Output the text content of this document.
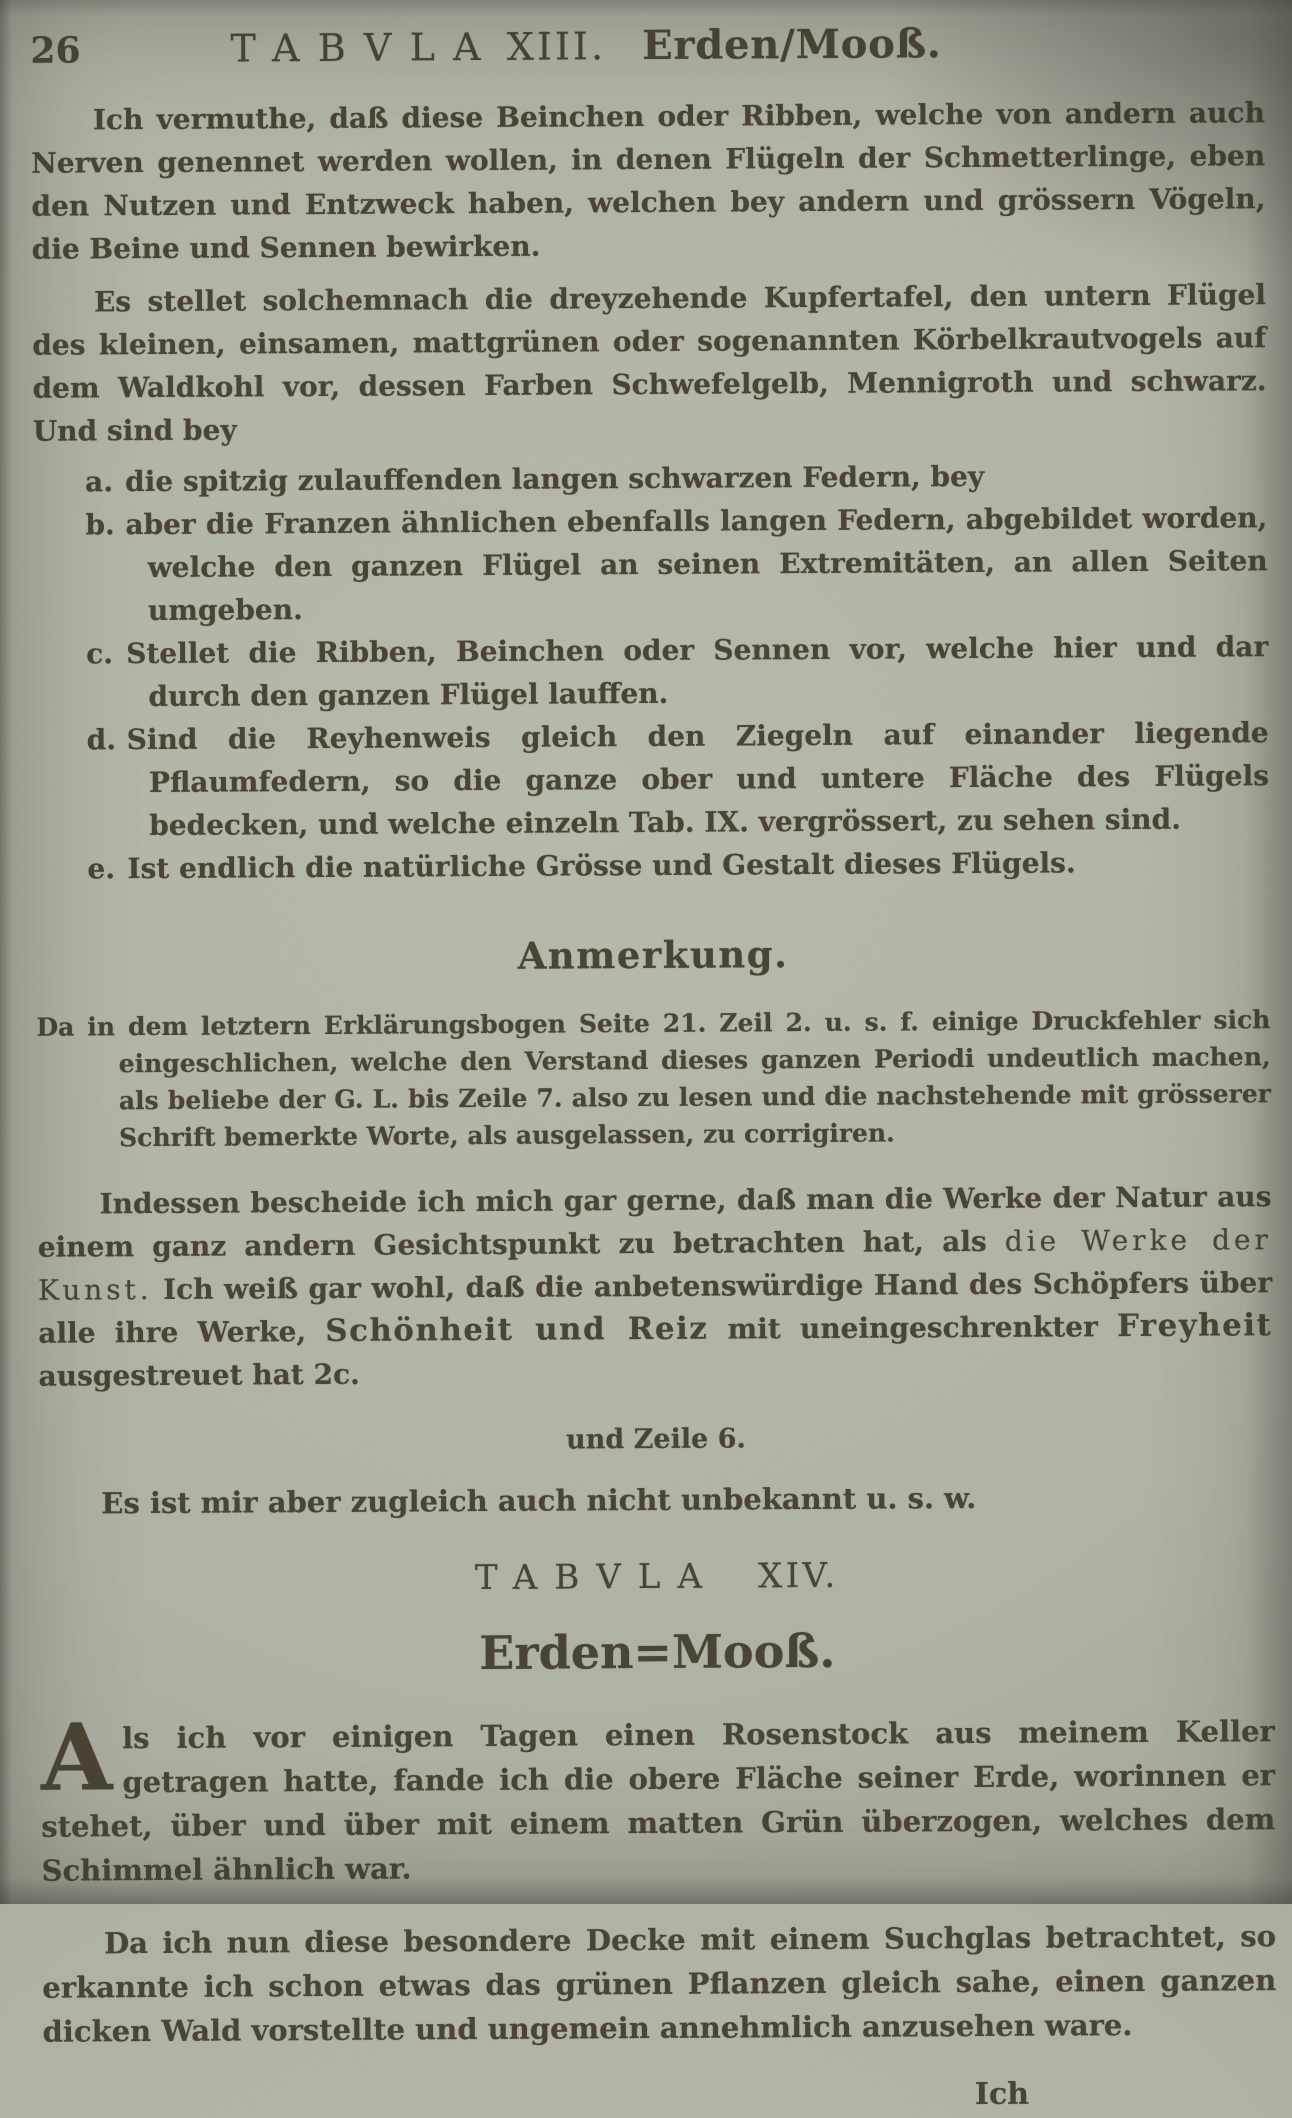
26	TABVLA XIII. Erden/Mooß.

Ich vermuthe, daß diese Beinchen oder Ribben, welche von andern auch Nerven genennet werden wollen, in denen Flügeln der Schmetterlinge, eben den Nutzen und Entzweck haben, welchen bey andern und grössern Vögeln, die Beine und Sennen bewirken.

Es stellet solchemnach die dreyzehende Kupfertafel, den untern Flügel des kleinen, einsamen, mattgrünen oder sogenannten Körbelkrautvogels auf dem Waldkohl vor, dessen Farben Schwefelgelb, Mennigroth und schwarz. Und sind bey

a. die spitzig zulauffenden langen schwarzen Federn, bey

b. aber die Franzen ähnlichen ebenfalls langen Federn, abgebildet worden, welche den ganzen Flügel an seinen Extremitäten, an allen Seiten umgeben.

c. Stellet die Ribben, Beinchen oder Sennen vor, welche hier und dar durch den ganzen Flügel lauffen.

d. Sind die Reyhenweis gleich den Ziegeln auf einander liegende Pflaumfedern, so die ganze ober und untere Fläche des Flügels bedecken, und welche einzeln Tab. IX. vergrössert, zu sehen sind.

e. Ist endlich die natürliche Grösse und Gestalt dieses Flügels.

Anmerkung.

Da in dem letztern Erklärungsbogen Seite 21. Zeil 2. u. s. f. einige Druckfehler sich eingeschlichen, welche den Verstand dieses ganzen Periodi undeutlich machen, als beliebe der G. L. bis Zeile 7. also zu lesen und die nachstehende mit grösserer Schrift bemerkte Worte, als ausgelassen, zu corrigiren.

Indessen bescheide ich mich gar gerne, daß man die Werke der Natur aus einem ganz andern Gesichtspunkt zu betrachten hat, als die Werke der Kunst. Ich weiß gar wohl, daß die anbetenswürdige Hand des Schöpfers über alle ihre Werke, Schönheit und Reiz mit uneingeschrenkter Freyheit ausgestreuet hat 2c.

und Zeile 6.

Es ist mir aber zugleich auch nicht unbekannt u. s. w.

TABVLA XIV.
Erden=Mooß.

Als ich vor einigen Tagen einen Rosenstock aus meinem Keller getragen hatte, fande ich die obere Fläche seiner Erde, worinnen er stehet, über und über mit einem matten Grün überzogen, welches dem Schimmel ähnlich war.

Da ich nun diese besondere Decke mit einem Suchglas betrachtet, so erkannte ich schon etwas das grünen Pflanzen gleich sahe, einen ganzen dicken Wald vorstellte und ungemein annehmlich anzusehen ware.

Ich
